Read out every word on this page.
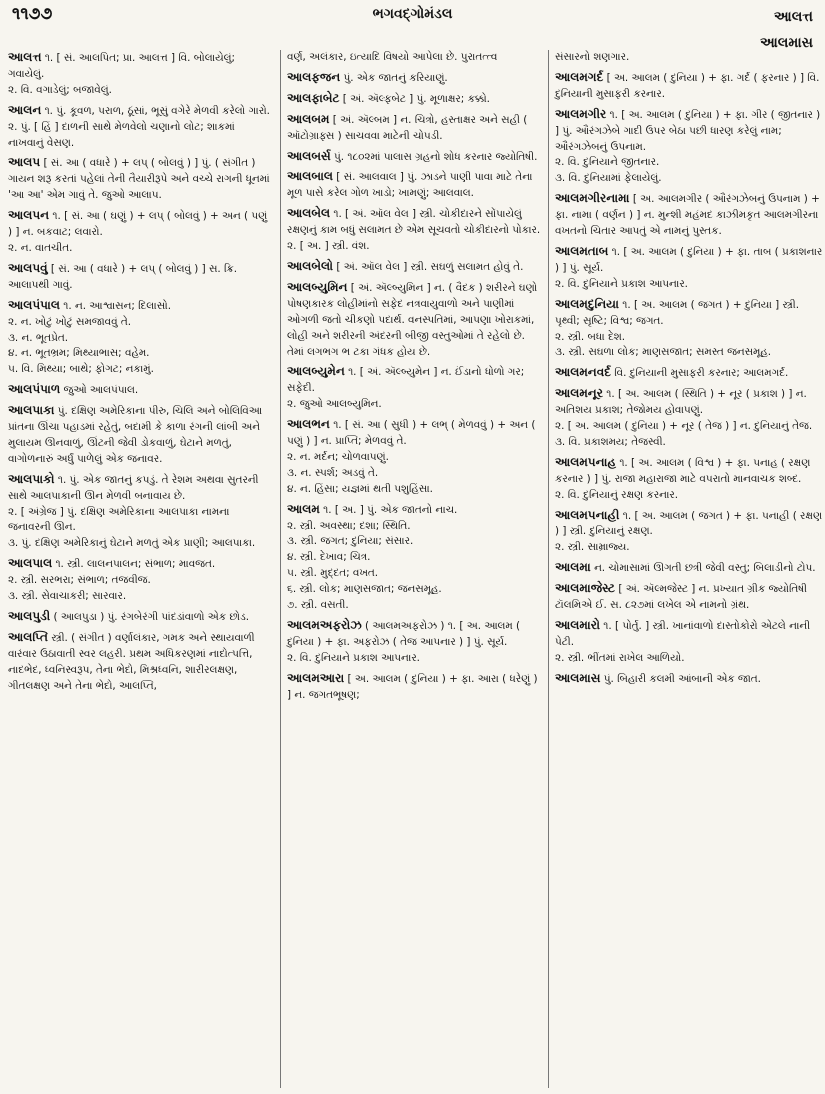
૧૧૭૭	ભગવદ્ગોમંડલ	આલત્ત
આલમાસ
આલત્ત ૧. [ સં. આલપિત; પ્રા. આલત્ત ] વિ. બોલાયેલું; ગવાયેલું.
૨. વિ. વગાડેલું; બજાવેલું.
આલન ૧. પું. કૂવળ, પરાળ, ઠૂંસાં, ભૂસું વગેરે મેળવી કરેલો ગારો.
૨. પું. [ હિં ] દાળની સાથે મેળવેલો ચણાનો લોટ; શાકમાં નાખવાનું વેસણ.
આલપ [ સં. આ ( વધારે ) + લપ્ ( બોલવું ) ] પું. ( સંગીત ) ગાયન શરૂ કરતાં પહેલાં તેની તૈયારીરૂપે અને વચ્ચે રાગની ધૂનમાં 'આ આ' એમ ગાવું તે. જુઓ આલાપ.
આલપન ૧. [ સં. આ ( ઘણું ) + લપ્ ( બોલવું ) + અન ( પણું ) ] ન. બકવાટ; લવારો.
૨. ન. વાતચીત.
આલપવું [ સં. આ ( વધારે ) + લપ્ ( બોલવું ) ] સ. ક્રિ. આલાપથી ગાવું.
આલપંપાલ ૧. ન. આશ્વાસન; દિલાસો.
૨. ન. ખોટું ખોટું સમજાવવું તે.
૩. ન. ભૂતપ્રેત.
૪. ન. ભૂતભ્રમ; મિથ્યાભાસ; વહેમ.
૫. વિ. મિથ્યા; બાથે; ફોગટ; નકામું.
આલપંપાળ જુઓ આલપંપાલ.
આલપાકા પું. દક્ષિણ અમેરિકાના પીરુ, ચિલિ અને બોલિવિઆ પ્રાંતના ઊંચા પહાડમાં રહેતું, બદામી કે કાળા રંગની લાંબી અને મુલાયમ ઊનવાળું, ઊંટની જેવી ડોકવાળું, ઘેટાને મળતું, વાગોળનારું અર્ધું પાળેલું એક જનાવર.
આલપાકો ૧. પું. એક જાતનું કપડું. તે રેશમ અથવા સુતરની સાથે આલપાકાની ઊન મેળવી બનાવાય છે.
૨. [ અંગ્રેજ ] પું. દક્ષિણ અમેરિકાના આલપાકા નામના જનાવરની ઊન.
૩. પું. દક્ષિણ અમેરિકાનું ઘેટાને મળતું એક પ્રાણી; આલપાકા.
આલપાલ ૧. સ્ત્રી. લાલનપાલન; સંભાળ; માવજત.
૨. સ્ત્રી. સરભરા; સંભાળ; તજવીજ.
૩. સ્ત્રી. સેવાચાકરી; સારવાર.
આલપુડી ( આલપુડા ) પું. રંગબેરંગી પાંદડાંવાળો એક છોડ.
આલપ્તિ સ્ત્રી. ( સંગીત ) વર્ણાલંકાર, ગમક અને સ્થાયવાળી વારંવાર ઉઠાવાતી સ્વર લહરી. પ્રથમ અધિકરણમાં નાદોત્પત્તિ, નાદભેદ, ધ્વનિસ્વરૂપ, તેના ભેદો, મિશ્રધ્વનિ, શારીરલક્ષણ, ગીતલક્ષણ અને તેના ભેદો, આલપ્તિ,
વર્ણ, અલંકાર, ઇત્યાદિ વિષયો આપેલા છે. પુરાતત્ત્વ
આલફજન પું. એક જાતનું કરિયાણું.
આલફાબેટ [ અં. ઍલ્ફબેટ ] પું. મૂળાક્ષર; કક્કો.
આલબમ [ અં. ઍલ્બમ ] ન. ચિત્રો, હસ્તાક્ષર અને સહી ( ઑટોગ્રાફ્સ ) સાચવવા માટેની ચોપડી.
આલબર્સ પું. ૧૮૦૨માં પાલાસ ગ્રહનો શોધ કરનાર જ્યોતિષી.
આલબાલ [ સં. આલવાલ ] પું. ઝાડને પાણી પાવા માટે તેના મૂળ પાસે કરેલ ગોળ ખાડો; ખામણું; આલવાલ.
આલબેલ ૧. [ અં. ઑલ વેલ ] સ્ત્રી. ચોકીદારને સોંપાયેલું રક્ષણનું કામ બધું સલામત છે એમ સૂચવતો ચોકીદારનો પોકાર.
૨. [ અ. ] સ્ત્રી. વંશ.
આલબેલો [ અં. ઑલ વેલ ] સ્ત્રી. સઘળું સલામત હોવું તે.
આલબ્યુમિન [ અં. ઍલ્બ્યુમિન ] ન. ( વૈદક ) શરીરને ઘણો પોષણકારક લોહીમાંનો સફેદ નત્રવાયુવાળો અને પાણીમાં ઓગળી જતો ચીકણો પદાર્થ. વનસ્પતિમાં, આપણા ખોરાકમાં, લોહી અને શરીરની અંદરની બીજી વસ્તુઓમાં તે રહેલો છે. તેમાં લગભગ ભ ટકા ગંધક હોય છે.
આલબ્યુમેન ૧. [ અં. ઍલ્બ્યુમેન ] ન. ઈંડાનો ધોળો ગર; સફેદી.
૨. જુઓ આલબ્યુમિન.
આલભન ૧. [ સં. આ ( સુધી ) + લભ્ ( મેળવવું ) + અન ( પણું ) ] ન. પ્રાપ્તિ; મેળવવું તે.
૨. ન. મર્દન; ચોળવાપણું.
૩. ન. સ્પર્શ; અડવું તે.
૪. ન. હિંસા; યજ્ઞમાં થતી પશુહિંસા.
આલમ ૧. [ અ. ] પું. એક જાતનો નાચ.
૨. સ્ત્રી. અવસ્થા; દશા; સ્થિતિ.
૩. સ્ત્રી. જગત; દુનિયા; સંસાર.
૪. સ્ત્રી. દેખાવ; ચિત્ર.
૫. સ્ત્રી. મુદ્દત; વખત.
૬. સ્ત્રી. લોક; માણસજાત; જનસમૂહ.
૭. સ્ત્રી. વસતી.
આલમઅફરોઝ ( આલમઅફરોઝ ) ૧. [ અ. આલમ ( દુનિયા ) + ફા. અફરોઝ ( તેજ આપનાર ) ] પું. સૂર્ય.
૨. વિ. દુનિયાને પ્રકાશ આપનાર.
આલમઆરા [ અ. આલમ ( દુનિયા ) + ફા. આરા ( ધરેણું ) ] ન. જગતભૂષણ;
સંસારનો શણગાર.
આલમગર્દ [ અ. આલમ ( દુનિયા ) + ફા. ગર્દ ( ફરનાર ) ] વિ. દુનિયાની મુસાફરી કરનાર.
આલમગીર ૧. [ અ. આલમ ( દુનિયા ) + ફા. ગીર ( જીતનાર ) ] પું. ઔરંગઝેબે ગાદી ઉપર બેઠા પછી ધારણ કરેલું નામ; ઔરંગઝેબનું ઉપનામ.
૨. વિ. દુનિયાને જીતનાર.
૩. વિ. દુનિયામાં ફેલાયેલું.
આલમગીરનામા [ અ. આલમગીર ( ઔરંગઝેબનું ઉપનામ ) + ફા. નામા ( વર્ણન ) ] ન. મુન્શી મહંમદ કાઝીમકૃત આલમગીરના વખતનો ચિતાર આપતું એ નામનું પુસ્તક.
આલમતાબ ૧. [ અ. આલમ ( દુનિયા ) + ફા. તાબ ( પ્રકાશનાર ) ] પું. સૂર્ય.
૨. વિ. દુનિયાને પ્રકાશ આપનાર.
આલમદુનિયા ૧. [ અ. આલમ ( જગત ) + દુનિયા ] સ્ત્રી. પૃથ્વી; સૃષ્ટિ; વિશ્વ; જગત.
૨. સ્ત્રી. બધા દેશ.
૩. સ્ત્રી. સઘળા લોક; માણસજાત; સમસ્ત જનસમૂહ.
આલમનવર્દ વિ. દુનિયાની મુસાફરી કરનાર; આલમગર્દ.
આલમનૂર ૧. [ અ. આલમ ( સ્થિતિ ) + નૂર ( પ્રકાશ ) ] ન. અતિશય પ્રકાશ; તેજોમય હોવાપણું.
૨. [ અ. આલમ ( દુનિયા ) + નૂર ( તેજ ) ] ન. દુનિયાનું તેજ.
૩. વિ. પ્રકાશમય; તેજસ્વી.
આલમપનાહ ૧. [ અ. આલમ ( વિશ્વ ) + ફા. પનાહ ( રક્ષણ કરનાર ) ] પું. રાજા મહારાજા માટે વપરાતો માનવાચક શબ્દ.
૨. વિ. દુનિયાનું રક્ષણ કરનાર.
આલમપનાહી ૧. [ અ. આલમ ( જગત ) + ફા. પનાહી ( રક્ષણ ) ] સ્ત્રી. દુનિયાનું રક્ષણ.
૨. સ્ત્રી. સામ્રાજ્ય.
આલમા ન. ચોમાસામાં ઊગતી છત્રી જેવી વસ્તુ; બિલાડીનો ટોપ.
આલમાજેસ્ટ [ અં. ઍલ્મજેસ્ટ ] ન. પ્રખ્યાત ગ્રીક જ્યોતિષી ટૉલમિએ ઈ. સ. ૮૨૭માં લખેલ એ નામનો ગ્રંથ.
આલમારો ૧. [ પોર્તુ. ] સ્ત્રી. ખાનાંવાળો દાસ્તોકોરો એટલે નાની પેટી.
૨. સ્ત્રી. ભીંતમાં રાખેલ આળિયો.
આલમાસ પું. બિહારી કલમી આંબાની એક જાત.
